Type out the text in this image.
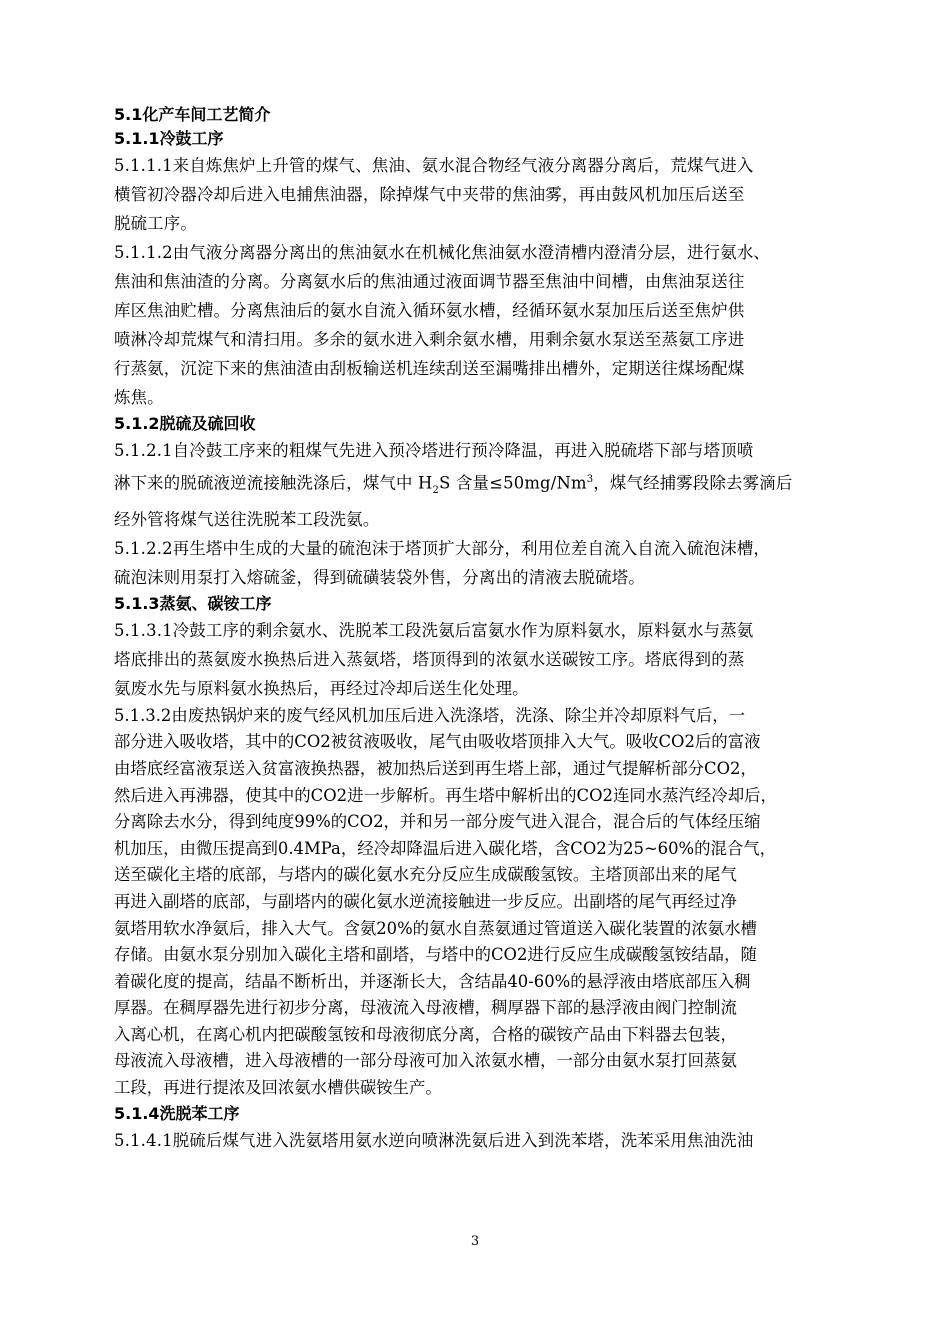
5.1化产车间工艺简介
5.1.1冷鼓工序
5.1.1.1来自炼焦炉上升管的煤气、焦油、氨水混合物经气液分离器分离后，荒煤气进入
横管初冷器冷却后进入电捕焦油器，除掉煤气中夹带的焦油雾，再由鼓风机加压后送至
脱硫工序。
5.1.1.2由气液分离器分离出的焦油氨水在机械化焦油氨水澄清槽内澄清分层，进行氨水、
焦油和焦油渣的分离。分离氨水后的焦油通过液面调节器至焦油中间槽，由焦油泵送往
库区焦油贮槽。分离焦油后的氨水自流入循环氨水槽，经循环氨水泵加压后送至焦炉供
喷淋冷却荒煤气和清扫用。多余的氨水进入剩余氨水槽，用剩余氨水泵送至蒸氨工序进
行蒸氨，沉淀下来的焦油渣由刮板输送机连续刮送至漏嘴排出槽外，定期送往煤场配煤
炼焦。
5.1.2脱硫及硫回收
5.1.2.1自冷鼓工序来的粗煤气先进入预冷塔进行预冷降温，再进入脱硫塔下部与塔顶喷
淋下来的脱硫液逆流接触洗涤后，煤气中 $H_2S$ 含量$\le 50mg/Nm^3$，煤气经捕雾段除去雾滴后
经外管将煤气送往洗脱苯工段洗氨。
5.1.2.2再生塔中生成的大量的硫泡沫于塔顶扩大部分，利用位差自流入自流入硫泡沫槽，
硫泡沫则用泵打入熔硫釜，得到硫磺装袋外售，分离出的清液去脱硫塔。
5.1.3蒸氨、碳铵工序
5.1.3.1冷鼓工序的剩余氨水、洗脱苯工段洗氨后富氨水作为原料氨水，原料氨水与蒸氨
塔底排出的蒸氨废水换热后进入蒸氨塔，塔顶得到的浓氨水送碳铵工序。塔底得到的蒸
氨废水先与原料氨水换热后，再经过冷却后送生化处理。
5.1.3.2由废热锅炉来的废气经风机加压后进入洗涤塔，洗涤、除尘并冷却原料气后，一
部分进入吸收塔，其中的CO2被贫液吸收，尾气由吸收塔顶排入大气。吸收CO2后的富液
由塔底经富液泵送入贫富液换热器，被加热后送到再生塔上部，通过气提解析部分CO2，
然后进入再沸器，使其中的CO2进一步解析。再生塔中解析出的CO2连同水蒸汽经冷却后，
分离除去水分，得到纯度99%的CO2，并和另一部分废气进入混合，混合后的气体经压缩
机加压，由微压提高到0.4MPa，经冷却降温后进入碳化塔，含CO2为25~60%的混合气，
送至碳化主塔的底部，与塔内的碳化氨水充分反应生成碳酸氢铵。主塔顶部出来的尾气
再进入副塔的底部，与副塔内的碳化氨水逆流接触进一步反应。出副塔的尾气再经过净
氨塔用软水净氨后，排入大气。含氨20%的氨水自蒸氨通过管道送入碳化装置的浓氨水槽
存储。由氨水泵分别加入碳化主塔和副塔，与塔中的CO2进行反应生成碳酸氢铵结晶，随
着碳化度的提高，结晶不断析出，并逐渐长大，含结晶40-60%的悬浮液由塔底部压入稠
厚器。在稠厚器先进行初步分离，母液流入母液槽，稠厚器下部的悬浮液由阀门控制流
入离心机，在离心机内把碳酸氢铵和母液彻底分离，合格的碳铵产品由下料器去包装，
母液流入母液槽，进入母液槽的一部分母液可加入浓氨水槽，一部分由氨水泵打回蒸氨
工段，再进行提浓及回浓氨水槽供碳铵生产。
5.1.4洗脱苯工序
5.1.4.1脱硫后煤气进入洗氨塔用氨水逆向喷淋洗氨后进入到洗苯塔，洗苯采用焦油洗油
3
